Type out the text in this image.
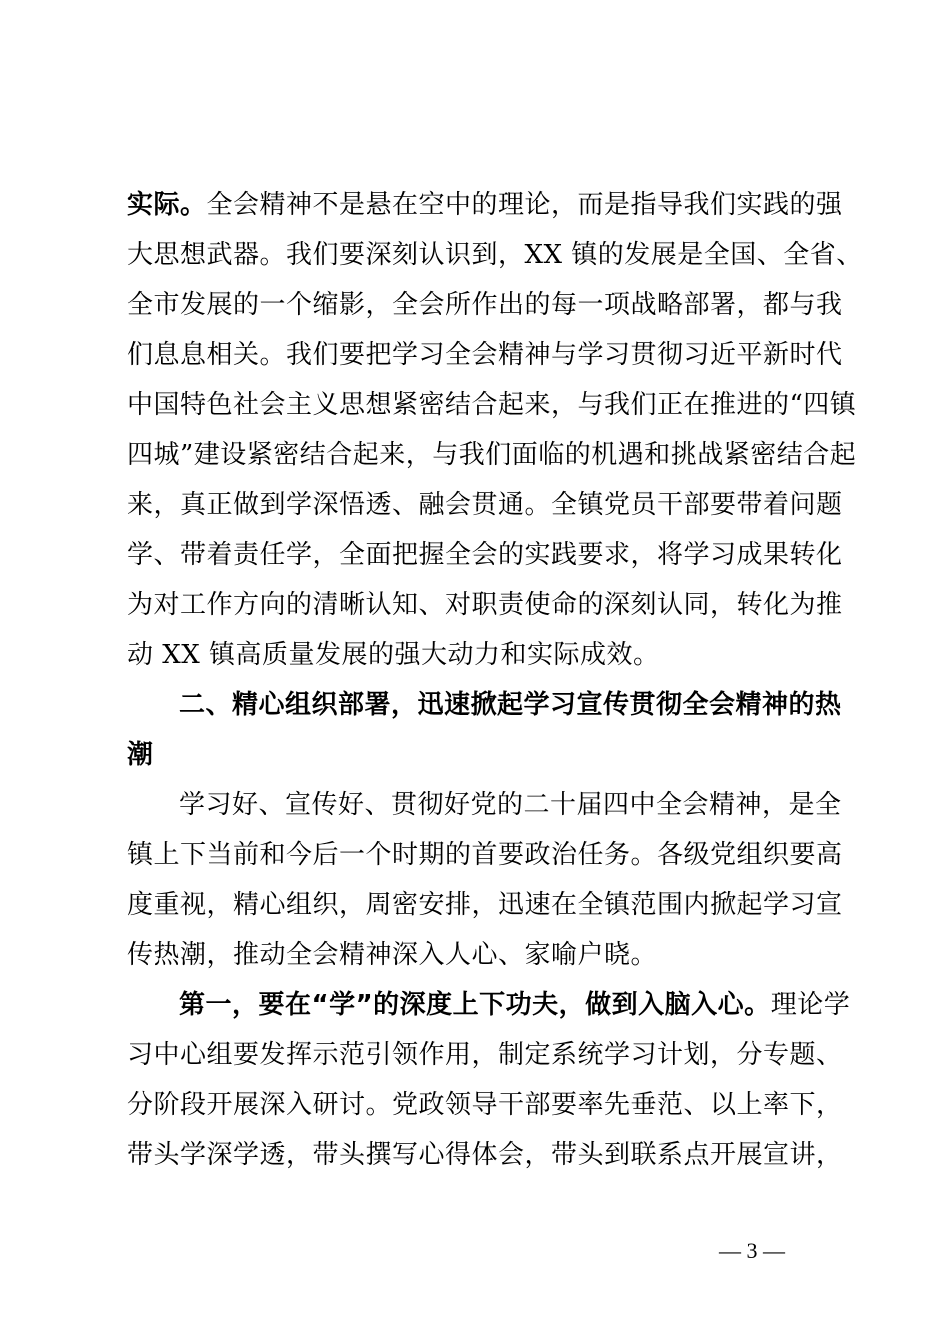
实际。全会精神不是悬在空中的理论，而是指导我们实践的强
大思想武器。我们要深刻认识到，XX 镇的发展是全国、全省、
全市发展的一个缩影，全会所作出的每一项战略部署，都与我
们息息相关。我们要把学习全会精神与学习贯彻习近平新时代
中国特色社会主义思想紧密结合起来，与我们正在推进的“四镇
四城”建设紧密结合起来，与我们面临的机遇和挑战紧密结合起
来，真正做到学深悟透、融会贯通。全镇党员干部要带着问题
学、带着责任学，全面把握全会的实践要求，将学习成果转化
为对工作方向的清晰认知、对职责使命的深刻认同，转化为推
动 XX 镇高质量发展的强大动力和实际成效。
二、精心组织部署，迅速掀起学习宣传贯彻全会精神的热
潮
学习好、宣传好、贯彻好党的二十届四中全会精神，是全
镇上下当前和今后一个时期的首要政治任务。各级党组织要高
度重视，精心组织，周密安排，迅速在全镇范围内掀起学习宣
传热潮，推动全会精神深入人心、家喻户晓。
第一，要在“学”的深度上下功夫，做到入脑入心。理论学
习中心组要发挥示范引领作用，制定系统学习计划，分专题、
分阶段开展深入研讨。党政领导干部要率先垂范、以上率下，
带头学深学透，带头撰写心得体会，带头到联系点开展宣讲，
— 3 —
